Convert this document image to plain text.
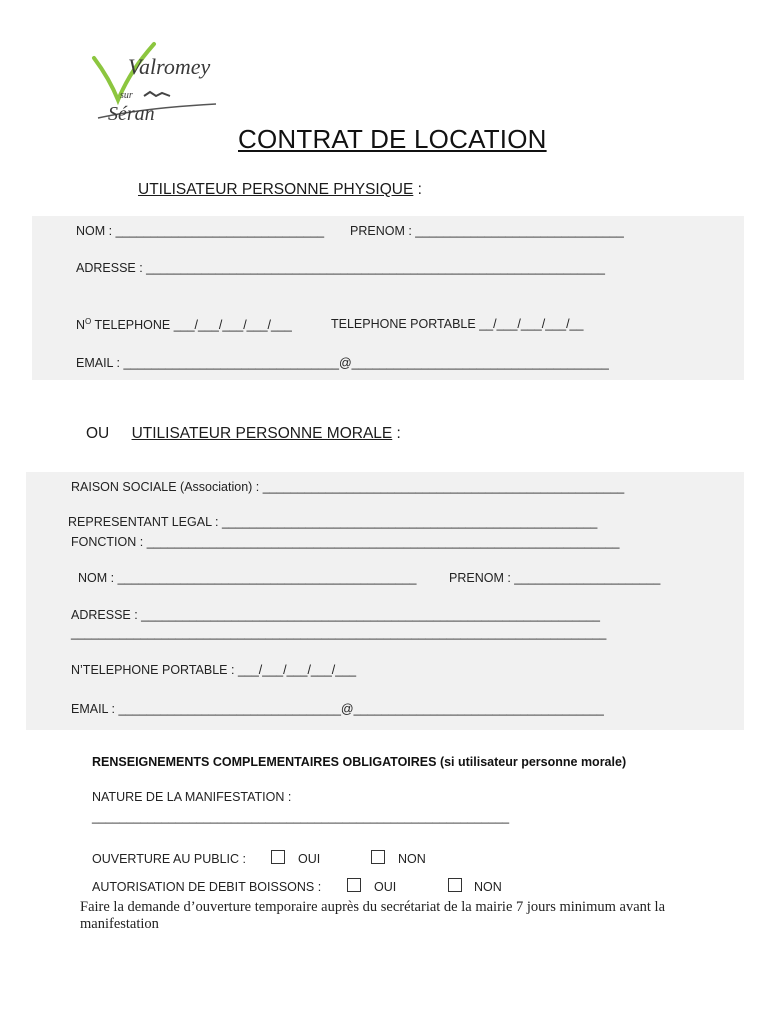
Valromey
sur
Séran
CONTRAT DE LOCATION
UTILISATEUR PERSONNE PHYSIQUE :
NOM : ______________________________ PRENOM : ______________________________
ADRESSE : __________________________________________________________________
$N^O$ TELEPHONE ___/___/___/___/___	TELEPHONE PORTABLE __/___/___/___/__
EMAIL : _______________________________@_____________________________________
OU UTILISATEUR PERSONNE MORALE :
RAISON SOCIALE (Association) : ____________________________________________________
REPRESENTANT LEGAL : ______________________________________________________
FONCTION : ____________________________________________________________________
NOM : ___________________________________________	PRENOM : _____________________
ADRESSE : __________________________________________________________________
_____________________________________________________________________________
N’TELEPHONE PORTABLE : ___/___/___/___/___
EMAIL : ________________________________@____________________________________
RENSEIGNEMENTS COMPLEMENTAIRES OBLIGATOIRES (si utilisateur personne morale)
NATURE DE LA MANIFESTATION :
____________________________________________________________
OUVERTURE AU PUBLIC :	OUI	NON
AUTORISATION DE DEBIT BOISSONS :	OUI	NON
Faire la demande d’ouverture temporaire auprès du secrétariat de la mairie 7 jours minimum avant la
manifestation
